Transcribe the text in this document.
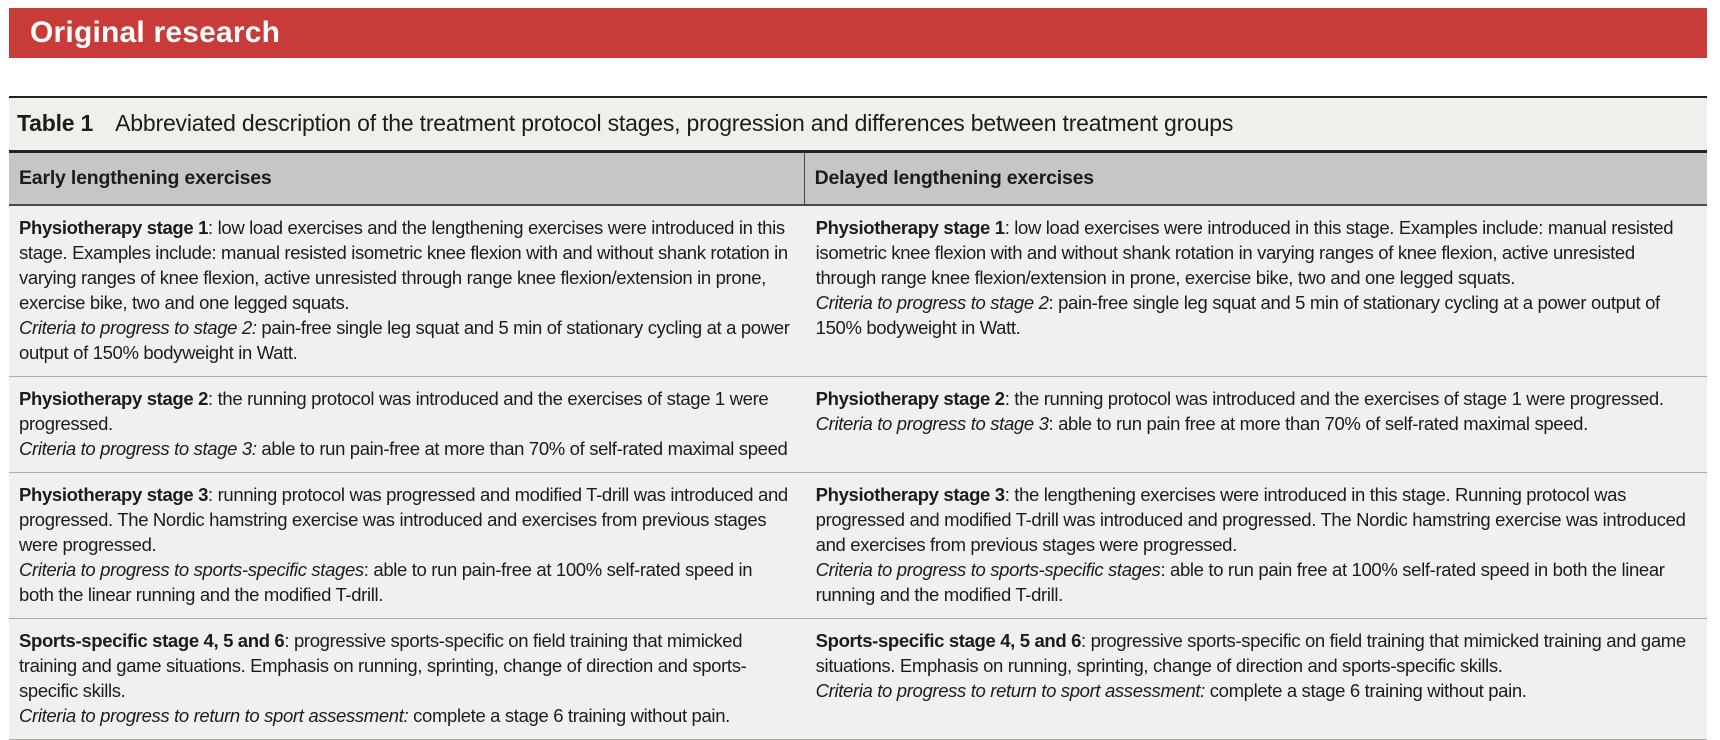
Original research
Table 1 Abbreviated description of the treatment protocol stages, progression and differences between treatment groups
Early lengthening exercises	Delayed lengthening exercises
Physiotherapy stage 1: low load exercises and the lengthening exercises were introduced in this stage. Examples include: manual resisted isometric knee flexion with and without shank rotation in varying ranges of knee flexion, active unresisted through range knee flexion/extension in prone, exercise bike, two and one legged squats.
Criteria to progress to stage 2: pain-free single leg squat and 5 min of stationary cycling at a power output of 150% bodyweight in Watt.
Physiotherapy stage 1: low load exercises were introduced in this stage. Examples include: manual resisted isometric knee flexion with and without shank rotation in varying ranges of knee flexion, active unresisted through range knee flexion/extension in prone, exercise bike, two and one legged squats.
Criteria to progress to stage 2: pain-free single leg squat and 5 min of stationary cycling at a power output of 150% bodyweight in Watt.
Physiotherapy stage 2: the running protocol was introduced and the exercises of stage 1 were progressed.
Criteria to progress to stage 3: able to run pain-free at more than 70% of self-rated maximal speed
Physiotherapy stage 2: the running protocol was introduced and the exercises of stage 1 were progressed.
Criteria to progress to stage 3: able to run pain free at more than 70% of self-rated maximal speed.
Physiotherapy stage 3: running protocol was progressed and modified T-drill was introduced and progressed. The Nordic hamstring exercise was introduced and exercises from previous stages were progressed.
Criteria to progress to sports-specific stages: able to run pain-free at 100% self-rated speed in both the linear running and the modified T-drill.
Physiotherapy stage 3: the lengthening exercises were introduced in this stage. Running protocol was progressed and modified T-drill was introduced and progressed. The Nordic hamstring exercise was introduced and exercises from previous stages were progressed.
Criteria to progress to sports-specific stages: able to run pain free at 100% self-rated speed in both the linear running and the modified T-drill.
Sports-specific stage 4, 5 and 6: progressive sports-specific on field training that mimicked training and game situations. Emphasis on running, sprinting, change of direction and sports-specific skills.
Criteria to progress to return to sport assessment: complete a stage 6 training without pain.
Sports-specific stage 4, 5 and 6: progressive sports-specific on field training that mimicked training and game situations. Emphasis on running, sprinting, change of direction and sports-specific skills.
Criteria to progress to return to sport assessment: complete a stage 6 training without pain.
